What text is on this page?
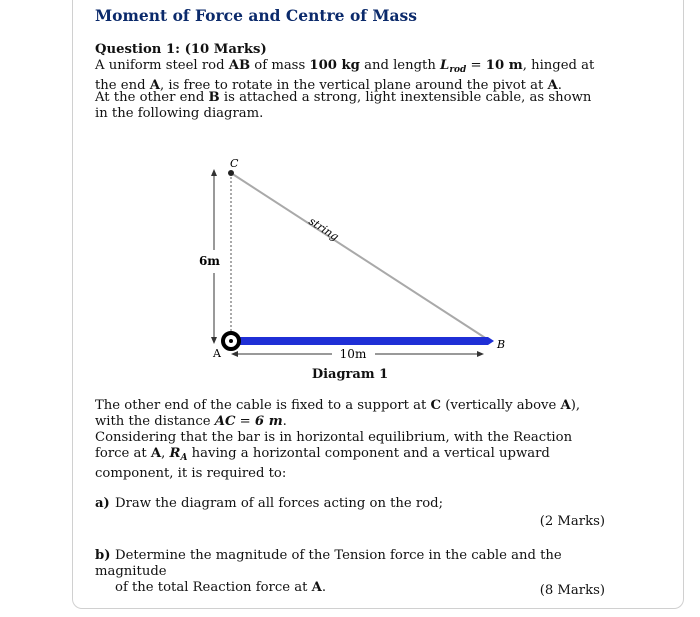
Moment of Force and Centre of Mass
Question 1: (10 Marks)
A uniform steel rod AB of mass 100 kg and length $L_{rod} = 10$ m, hinged at the end A, is free to rotate in the vertical plane around the pivot at A.
At the other end B is attached a strong, light inextensible cable, as shown in the following diagram.
6m
string
C
A
B
10m
Diagram 1
The other end of the cable is fixed to a support at C (vertically above A), with the distance AC = 6 m.
Considering that the bar is in horizontal equilibrium, with the Reaction force at A, $R_A$ having a horizontal component and a vertical upward component, it is required to:
a) Draw the diagram of all forces acting on the rod;
(2 Marks)
b) Determine the magnitude of the Tension force in the cable and the magnitude
of the total Reaction force at A.	(8 Marks)
